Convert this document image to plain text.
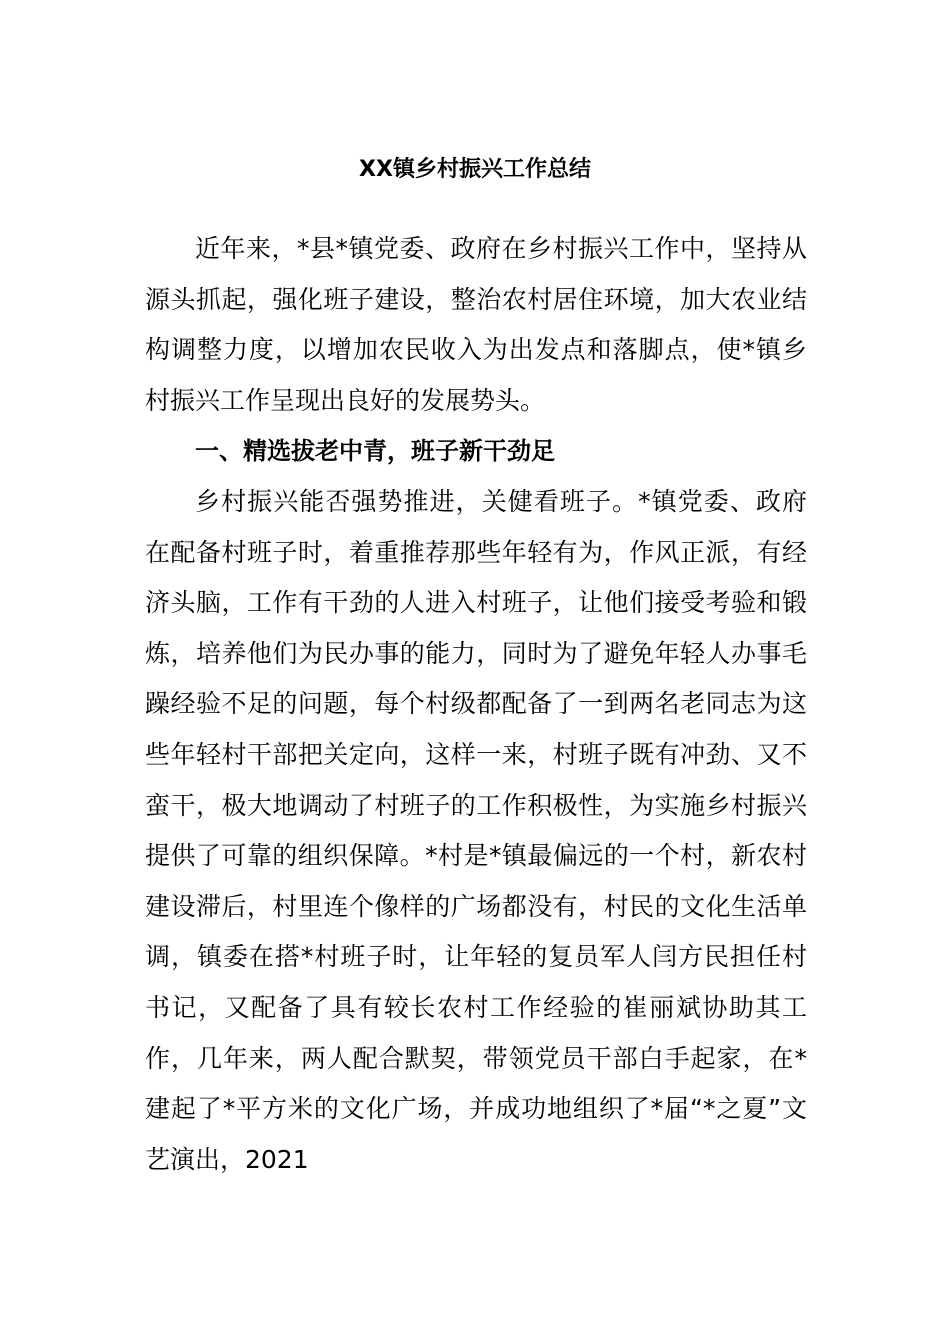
XX镇乡村振兴工作总结

近年来，*县*镇党委、政府在乡村振兴工作中，坚持从源头抓起，强化班子建设，整治农村居住环境，加大农业结构调整力度，以增加农民收入为出发点和落脚点，使*镇乡村振兴工作呈现出良好的发展势头。

一、精选拔老中青，班子新干劲足

乡村振兴能否强势推进，关健看班子。*镇党委、政府在配备村班子时，着重推荐那些年轻有为，作风正派，有经济头脑，工作有干劲的人进入村班子，让他们接受考验和锻炼，培养他们为民办事的能力，同时为了避免年轻人办事毛躁经验不足的问题，每个村级都配备了一到两名老同志为这些年轻村干部把关定向，这样一来，村班子既有冲劲、又不蛮干，极大地调动了村班子的工作积极性，为实施乡村振兴提供了可靠的组织保障。*村是*镇最偏远的一个村，新农村建设滞后，村里连个像样的广场都没有，村民的文化生活单调，镇委在搭*村班子时，让年轻的复员军人闫方民担任村书记，又配备了具有较长农村工作经验的崔丽斌协助其工作，几年来，两人配合默契，带领党员干部白手起家，在*建起了*平方米的文化广场，并成功地组织了*届“*之夏”文艺演出，2021
